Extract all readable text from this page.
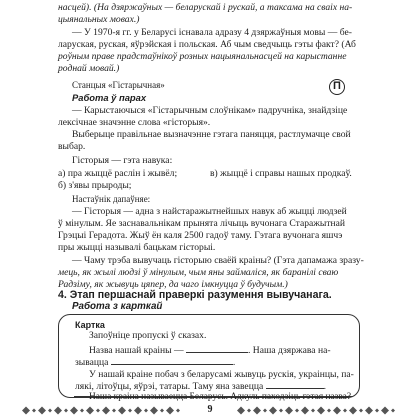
насцей). (На дзяржаўных — беларускай і рускай, а таксама на сваіх на-
цыянальных мовах.)
— У 1970-я гг. у Беларусі існавала адразу 4 дзяржаўныя мовы — бе-
ларуская, руская, яўрэйская і польская. Аб чым сведчыць гэты факт? (Аб
роўным праве прадстаўнікоў розных нацыянальнасцей на карыстанне
роднай мовай.)
Станцыя «Гістарычная»
Работа ў парах
П
— Карыстаючыся «Гістарычным слоўнікам» падручніка, знайдзіце
лексічнае значэнне слова «гісторыя».
Выберыце правільнае вызначэнне гэтага паняцця, растлумачце свой
выбар.
Гісторыя — гэта навука:
а) пра жыццё раслін і жывёл;	в) жыццё і справы нашых продкаў.
б) з'явы прыроды;
Настаўнік дапаўняе:
— Гісторыя — адна з найстаражытнейшых навук аб жыцці людзей
ў мінулым. Яе заснавальнікам прынята лічыць вучонага Старажытнай
Грэцыі Герадота. Жыў ён каля 2500 гадоў таму. Гэтага вучонага яшчэ
пры жыцці называлі бацькам гісторыі.
— Чаму трэба вывучаць гісторыю сваёй краіны? (Гэта дапамажа зразу-
мець, як жылі людзі ў мінулым, чым яны займаліся, як баранілі сваю
Радзіму, як жывуць цяпер, да чаго імкнуцца ў будучым.)
4. Этап першаснай праверкі разумення вывучанага.
Работа з карткай
Картка
Запоўніце пропускі ў сказах.
Назва нашай краіны —	. Наша дзяржава на-
зывацца	.
У нашай краіне побач з беларусамі жывуць рускія, украінцы, па-
лякі, літоўцы, яўрэі, татары. Таму яна завецца	.
Наша краіна называецца Беларусь. Адкуль паходзіць гэтая назва?
9
